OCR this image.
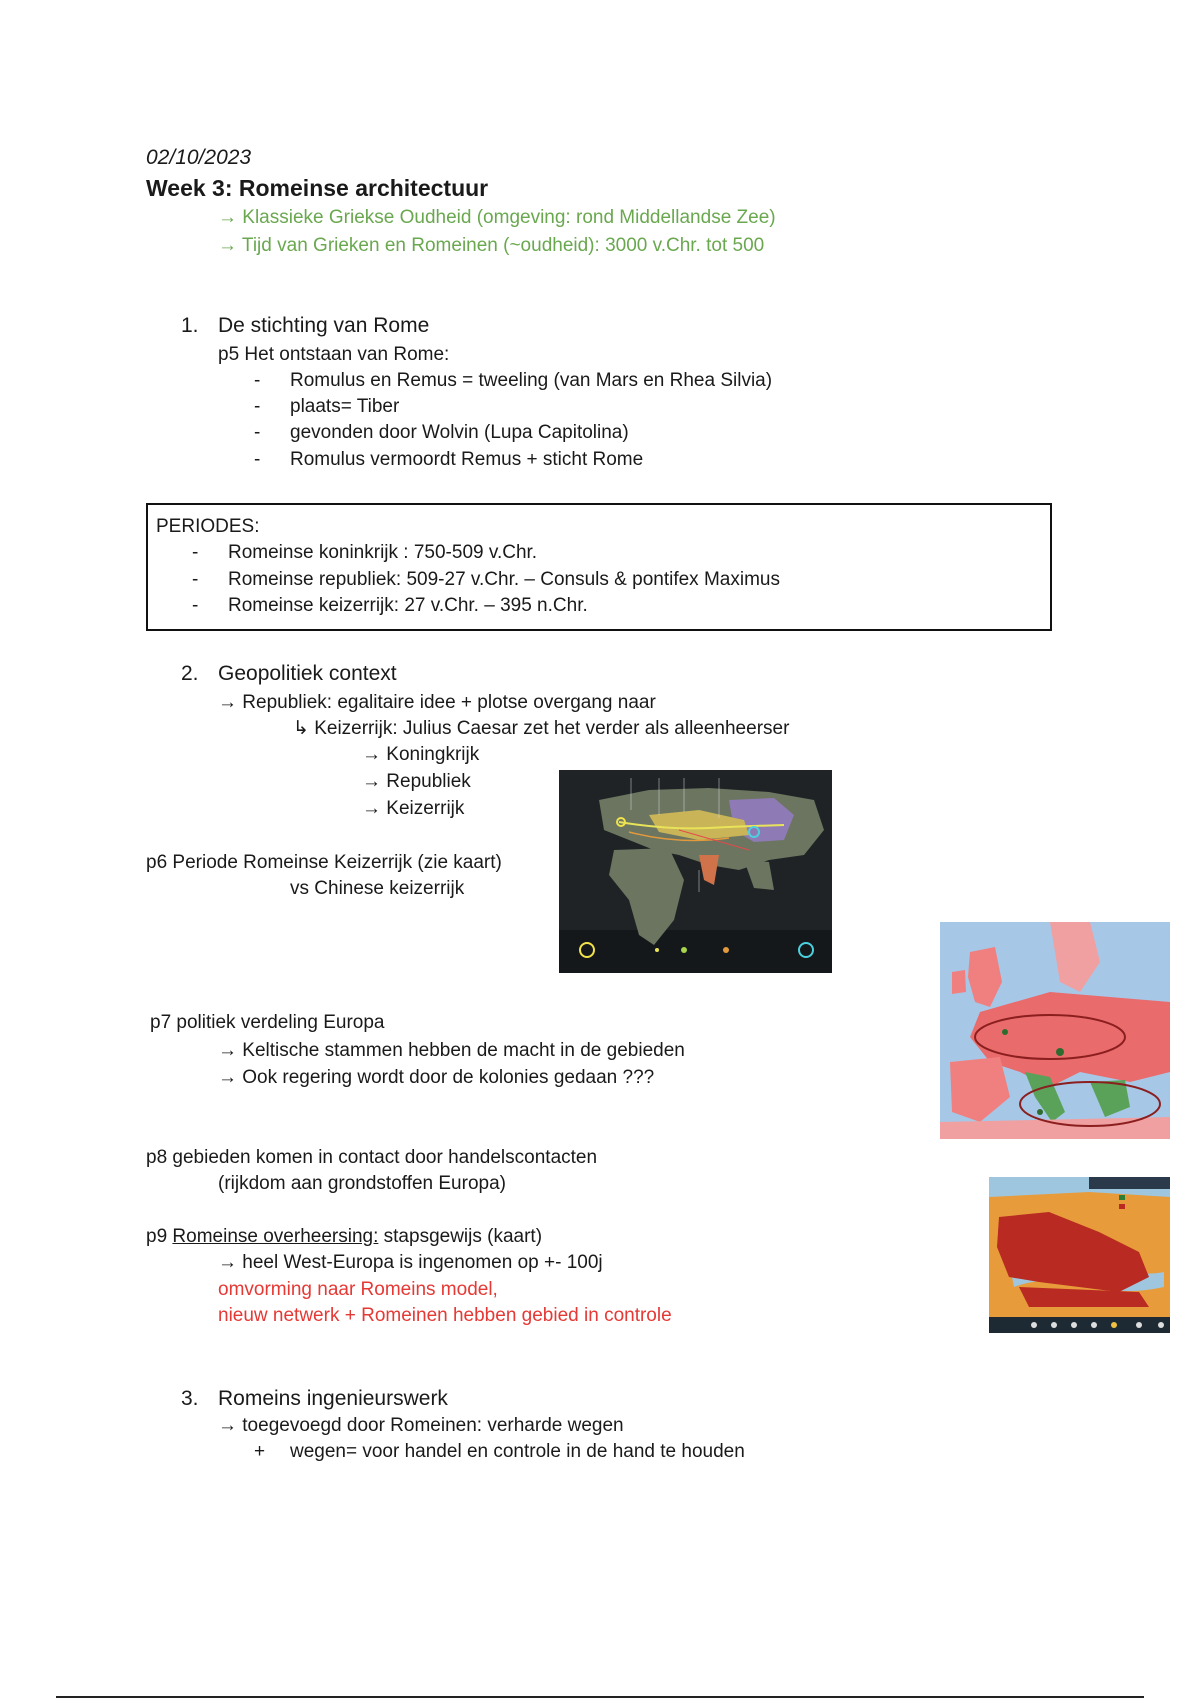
02/10/2023
Week 3: Romeinse architectuur
→ Klassieke Griekse Oudheid (omgeving: rond Middellandse Zee)
→ Tijd van Grieken en Romeinen (~oudheid): 3000 v.Chr. tot 500
1. De stichting van Rome
p5 Het ontstaan van Rome:
- Romulus en Remus = tweeling (van Mars en Rhea Silvia)
- plaats= Tiber
- gevonden door Wolvin (Lupa Capitolina)
- Romulus vermoordt Remus + sticht Rome
PERIODES:
- Romeinse koninkrijk : 750-509 v.Chr.
- Romeinse republiek: 509-27 v.Chr. – Consuls & pontifex Maximus
- Romeinse keizerrijk: 27 v.Chr. – 395 n.Chr.
2. Geopolitiek context
→ Republiek: egalitaire idee + plotse overgang naar
↳ Keizerrijk: Julius Caesar zet het verder als alleenheerser
→ Koningkrijk
→ Republiek
→ Keizerrijk
p6 Periode Romeinse Keizerrijk (zie kaart)
vs Chinese keizerrijk
p7 politiek verdeling Europa
→ Keltische stammen hebben de macht in de gebieden
→ Ook regering wordt door de kolonies gedaan ???
p8 gebieden komen in contact door handelscontacten
(rijkdom aan grondstoffen Europa)
p9 Romeinse overheersing: stapsgewijs (kaart)
→ heel West-Europa is ingenomen op +- 100j
omvorming naar Romeins model,
nieuw netwerk + Romeinen hebben gebied in controle
3. Romeins ingenieurswerk
→ toegevoegd door Romeinen: verharde wegen
+ wegen= voor handel en controle in de hand te houden
